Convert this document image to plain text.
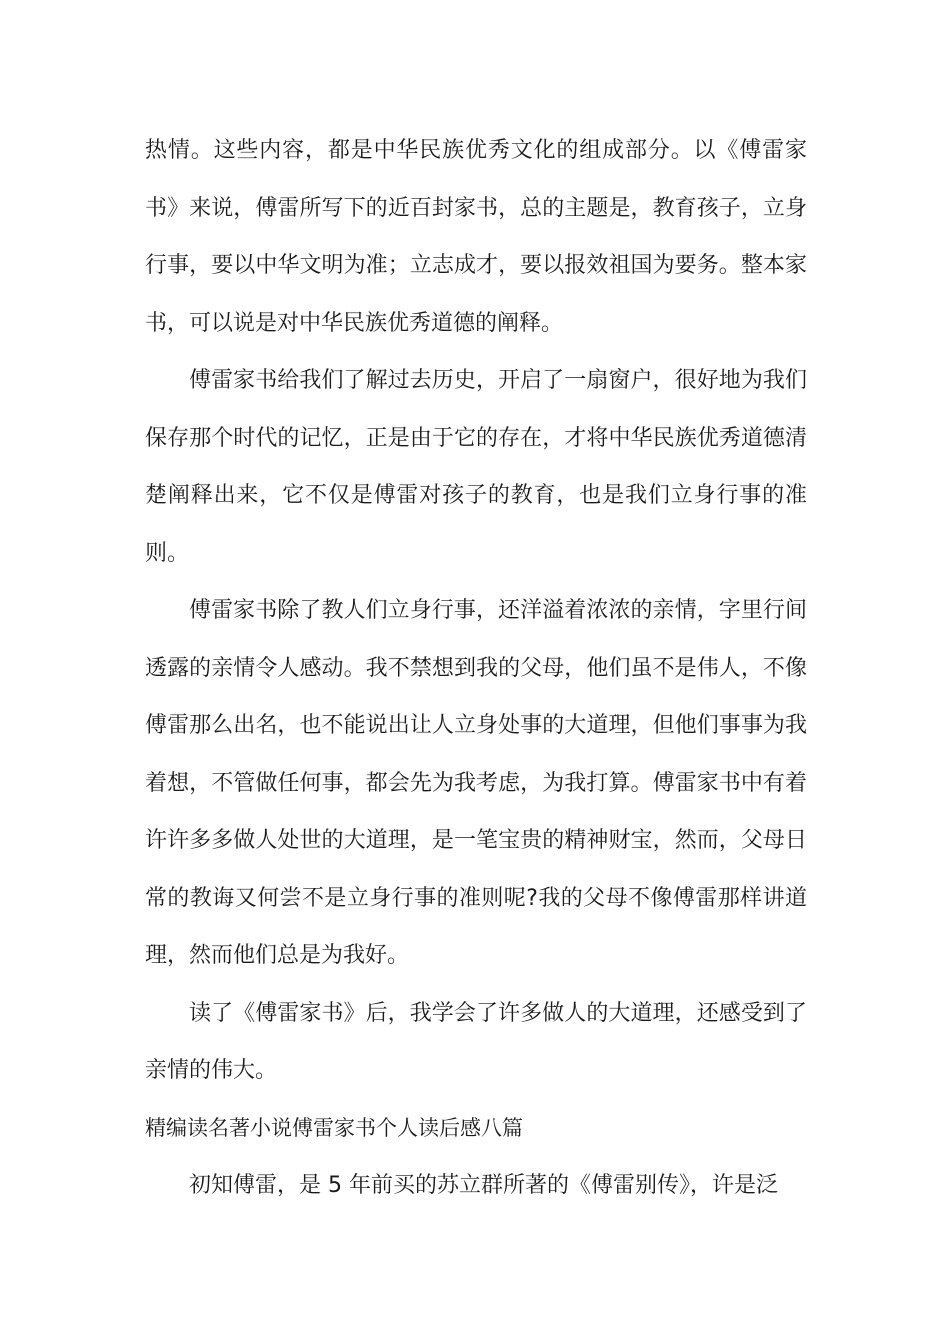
热情。这些内容，都是中华民族优秀文化的组成部分。以《傅雷家书》来说，傅雷所写下的近百封家书，总的主题是，教育孩子，立身行事，要以中华文明为准；立志成才，要以报效祖国为要务。整本家书，可以说是对中华民族优秀道德的阐释。

傅雷家书给我们了解过去历史，开启了一扇窗户，很好地为我们保存那个时代的记忆，正是由于它的存在，才将中华民族优秀道德清楚阐释出来，它不仅是傅雷对孩子的教育，也是我们立身行事的准则。

傅雷家书除了教人们立身行事，还洋溢着浓浓的亲情，字里行间透露的亲情令人感动。我不禁想到我的父母，他们虽不是伟人，不像傅雷那么出名，也不能说出让人立身处事的大道理，但他们事事为我着想，不管做任何事，都会先为我考虑，为我打算。傅雷家书中有着许许多多做人处世的大道理，是一笔宝贵的精神财宝，然而，父母日常的教诲又何尝不是立身行事的准则呢?我的父母不像傅雷那样讲道理，然而他们总是为我好。

读了《傅雷家书》后，我学会了许多做人的大道理，还感受到了亲情的伟大。

精编读名著小说傅雷家书个人读后感八篇

初知傅雷，是 5 年前买的苏立群所著的《傅雷别传》，许是泛
